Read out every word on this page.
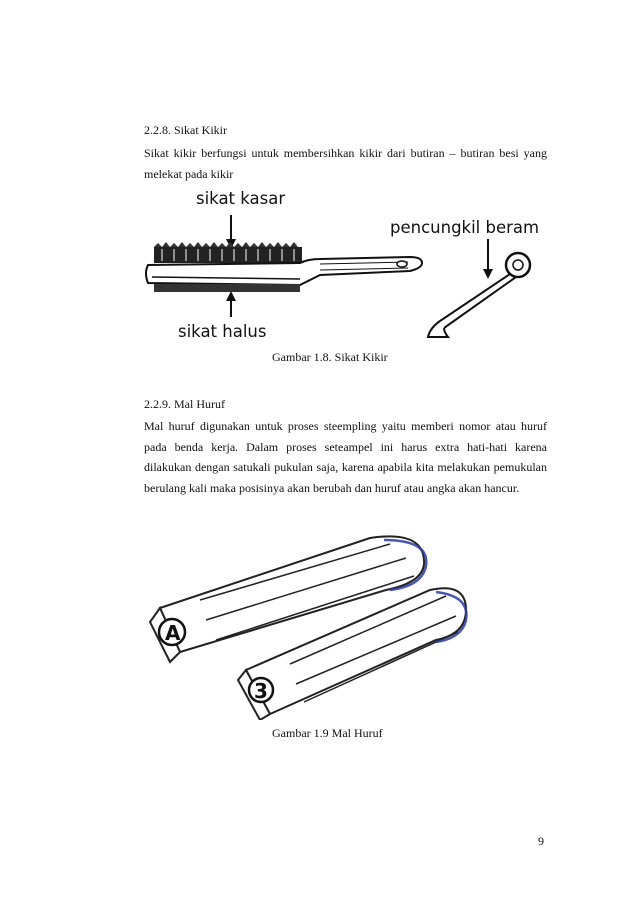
2.2.8. Sikat Kikir
Sikat kikir berfungsi untuk membersihkan kikir dari butiran – butiran besi yang melekat pada kikir
sikat kasar
sikat halus
pencungkil beram
Gambar 1.8. Sikat Kikir
2.2.9. Mal Huruf
Mal huruf digunakan untuk proses steempling yaitu memberi nomor atau huruf pada benda kerja. Dalam proses seteampel ini harus extra hati-hati karena dilakukan dengan satukali pukulan saja, karena apabila kita melakukan pemukulan berulang kali maka posisinya akan berubah dan huruf atau angka akan hancur.
A
3
Gambar 1.9 Mal Huruf
9
